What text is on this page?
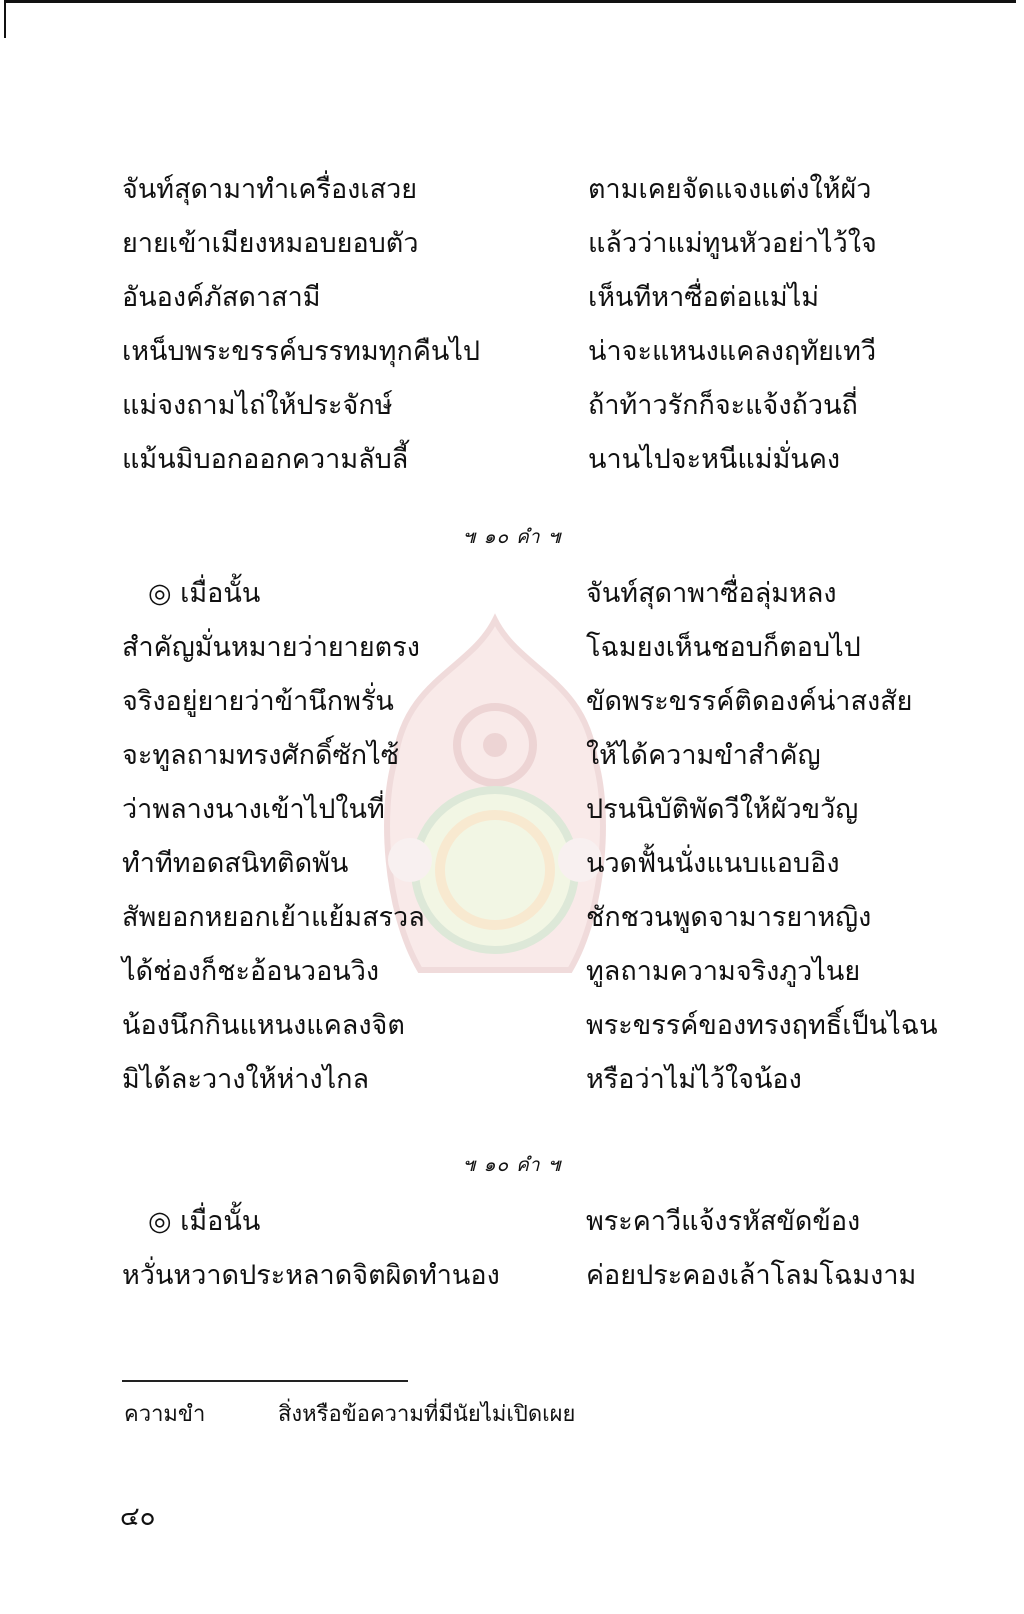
จันท์สุดามาทำเครื่องเสวย	ตามเคยจัดแจงแต่งให้ผัว
ยายเข้าเมียงหมอบยอบตัว	แล้วว่าแม่ทูนหัวอย่าไว้ใจ
อันองค์ภัสดาสามี	เห็นทีหาซื่อต่อแม่ไม่
เหน็บพระขรรค์บรรทมทุกคืนไป	น่าจะแหนงแคลงฤทัยเทวี
แม่จงถามไถ่ให้ประจักษ์	ถ้าท้าวรักก็จะแจ้งถ้วนถี่
แม้นมิบอกออกความลับลี้	นานไปจะหนีแม่มั่นคง
๚ ๑๐ คำ ๚
◎ เมื่อนั้น	จันท์สุดาพาซื่อลุ่มหลง
สำคัญมั่นหมายว่ายายตรง	โฉมยงเห็นชอบก็ตอบไป
จริงอยู่ยายว่าข้านึกพรั่น	ขัดพระขรรค์ติดองค์น่าสงสัย
จะทูลถามทรงศักดิ์ซักไซ้	ให้ได้ความขำสำคัญ
ว่าพลางนางเข้าไปในที่	ปรนนิบัติพัดวีให้ผัวขวัญ
ทำทีทอดสนิทติดพัน	นวดฟั้นนั่งแนบแอบอิง
สัพยอกหยอกเย้าแย้มสรวล	ชักชวนพูดจามารยาหญิง
ได้ช่องก็ชะอ้อนวอนวิง	ทูลถามความจริงภูวไนย
น้องนึกกินแหนงแคลงจิต	พระขรรค์ของทรงฤทธิ์เป็นไฉน
มิได้ละวางให้ห่างไกล	หรือว่าไม่ไว้ใจน้อง
๚ ๑๐ คำ ๚
◎ เมื่อนั้น	พระคาวีแจ้งรหัสขัดข้อง
หวั่นหวาดประหลาดจิตผิดทำนอง	ค่อยประคองเล้าโลมโฉมงาม
ความขำ	สิ่งหรือข้อความที่มีนัยไม่เปิดเผย
๔๐
